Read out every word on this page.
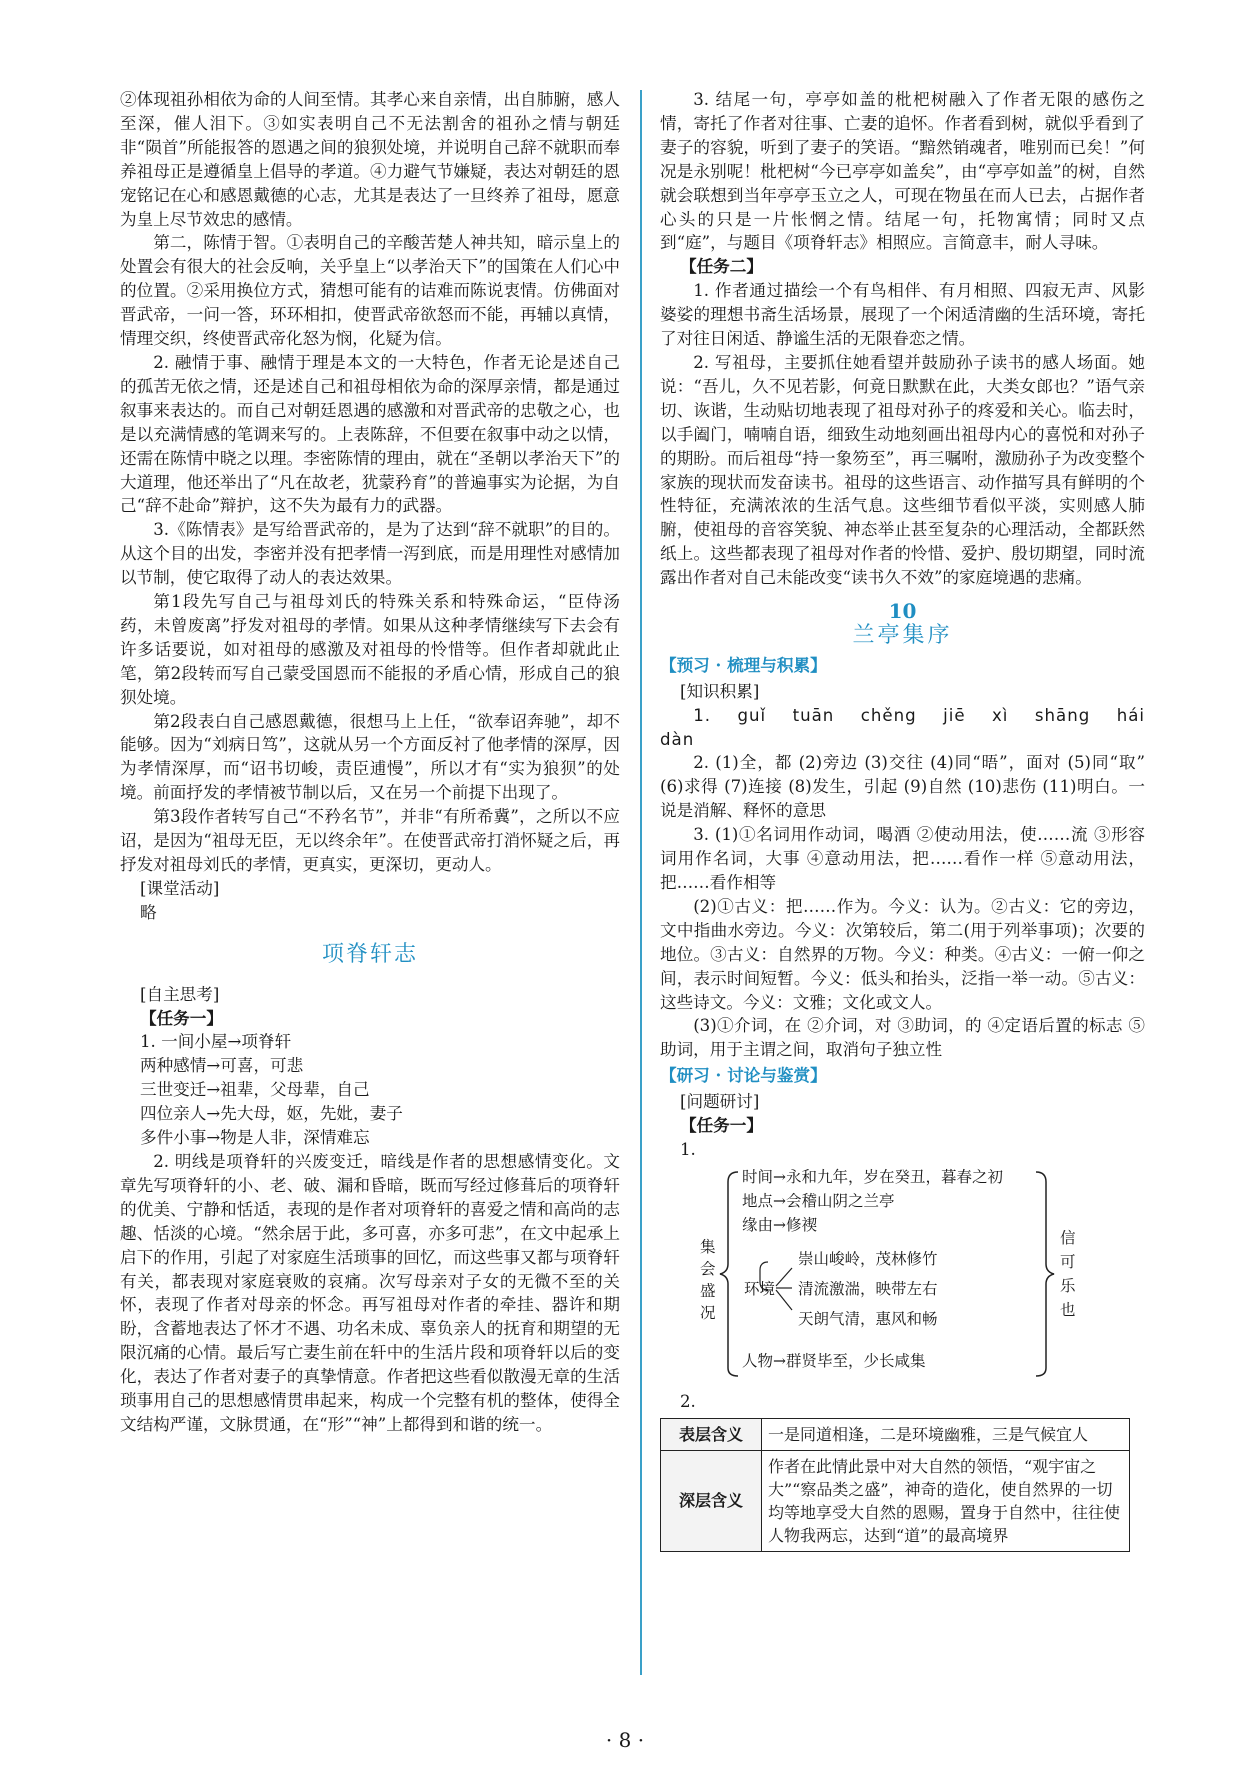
②体现祖孙相依为命的人间至情。其孝心来自亲情，出自肺腑，感人至深，催人泪下。③如实表明自己不无法割舍的祖孙之情与朝廷非“陨首”所能报答的恩遇之间的狼狈处境，并说明自己辞不就职而奉养祖母正是遵循皇上倡导的孝道。④力避气节嫌疑，表达对朝廷的恩宠铭记在心和感恩戴德的心志，尤其是表达了一旦终养了祖母，愿意为皇上尽节效忠的感情。

第二，陈情于智。①表明自己的辛酸苦楚人神共知，暗示皇上的处置会有很大的社会反响，关乎皇上“以孝治天下”的国策在人们心中的位置。②采用换位方式，猜想可能有的诘难而陈说衷情。仿佛面对晋武帝，一问一答，环环相扣，使晋武帝欲怒而不能，再辅以真情，情理交织，终使晋武帝化怒为悯，化疑为信。

2. 融情于事、融情于理是本文的一大特色，作者无论是述自己的孤苦无依之情，还是述自己和祖母相依为命的深厚亲情，都是通过叙事来表达的。而自己对朝廷恩遇的感激和对晋武帝的忠敬之心，也是以充满情感的笔调来写的。上表陈辞，不但要在叙事中动之以情，还需在陈情中晓之以理。李密陈情的理由，就在“圣朝以孝治天下”的大道理，他还举出了“凡在故老，犹蒙矜育”的普遍事实为论据，为自己“辞不赴命”辩护，这不失为最有力的武器。

3.《陈情表》是写给晋武帝的，是为了达到“辞不就职”的目的。从这个目的出发，李密并没有把孝情一泻到底，而是用理性对感情加以节制，使它取得了动人的表达效果。

第1段先写自己与祖母刘氏的特殊关系和特殊命运，“臣侍汤药，未曾废离”抒发对祖母的孝情。如果从这种孝情继续写下去会有许多话要说，如对祖母的感激及对祖母的怜惜等。但作者却就此止笔，第2段转而写自己蒙受国恩而不能报的矛盾心情，形成自己的狼狈处境。

第2段表白自己感恩戴德，很想马上上任，“欲奉诏奔驰”，却不能够。因为“刘病日笃”，这就从另一个方面反衬了他孝情的深厚，因为孝情深厚，而“诏书切峻，责臣逋慢”，所以才有“实为狼狈”的处境。前面抒发的孝情被节制以后，又在另一个前提下出现了。

第3段作者转写自己“不矜名节”，并非“有所希冀”，之所以不应诏，是因为“祖母无臣，无以终余年”。在使晋武帝打消怀疑之后，再抒发对祖母刘氏的孝情，更真实，更深切，更动人。

[课堂活动]

略

项脊轩志

[自主思考]

【任务一】

1. 一间小屋→项脊轩

两种感情→可喜，可悲

三世变迁→祖辈，父母辈，自己

四位亲人→先大母，妪，先妣，妻子

多件小事→物是人非，深情难忘

2. 明线是项脊轩的兴废变迁，暗线是作者的思想感情变化。文章先写项脊轩的小、老、破、漏和昏暗，既而写经过修葺后的项脊轩的优美、宁静和恬适，表现的是作者对项脊轩的喜爱之情和高尚的志趣、恬淡的心境。“然余居于此，多可喜，亦多可悲”，在文中起承上启下的作用，引起了对家庭生活琐事的回忆，而这些事又都与项脊轩有关，都表现对家庭衰败的哀痛。次写母亲对子女的无微不至的关怀，表现了作者对母亲的怀念。再写祖母对作者的牵挂、器许和期盼，含蓄地表达了怀才不遇、功名未成、辜负亲人的抚育和期望的无限沉痛的心情。最后写亡妻生前在轩中的生活片段和项脊轩以后的变化，表达了作者对妻子的真挚情意。作者把这些看似散漫无章的生活琐事用自己的思想感情贯串起来，构成一个完整有机的整体，使得全文结构严谨，文脉贯通，在“形”“神”上都得到和谐的统一。

3. 结尾一句，亭亭如盖的枇杷树融入了作者无限的感伤之情，寄托了作者对往事、亡妻的追怀。作者看到树，就似乎看到了妻子的容貌，听到了妻子的笑语。“黯然销魂者，唯别而已矣！”何况是永别呢！枇杷树“今已亭亭如盖矣”，由“亭亭如盖”的树，自然就会联想到当年亭亭玉立之人，可现在物虽在而人已去，占据作者心头的只是一片怅惘之情。结尾一句，托物寓情；同时又点到“庭”，与题目《项脊轩志》相照应。言简意丰，耐人寻味。

【任务二】

1. 作者通过描绘一个有鸟相伴、有月相照、四寂无声、风影婆娑的理想书斋生活场景，展现了一个闲适清幽的生活环境，寄托了对往日闲适、静谧生活的无限眷恋之情。

2. 写祖母，主要抓住她看望并鼓励孙子读书的感人场面。她说：“吾儿，久不见若影，何竟日默默在此，大类女郎也？”语气亲切、诙谐，生动贴切地表现了祖母对孙子的疼爱和关心。临去时，以手阖门，喃喃自语，细致生动地刻画出祖母内心的喜悦和对孙子的期盼。而后祖母“持一象笏至”，再三嘱咐，激励孙子为改变整个家族的现状而发奋读书。祖母的这些语言、动作描写具有鲜明的个性特征，充满浓浓的生活气息。这些细节看似平淡，实则感人肺腑，使祖母的音容笑貌、神态举止甚至复杂的心理活动，全都跃然纸上。这些都表现了祖母对作者的怜惜、爱护、殷切期望，同时流露出作者对自己未能改变“读书久不效”的家庭境遇的悲痛。

10
兰亭集序

【预习 · 梳理与积累】

[知识积累]

1. guǐ tuān chěng jiē xì shāng hái dàn

2. (1)全，都 (2)旁边 (3)交往 (4)同“晤”，面对 (5)同“取” (6)求得 (7)连接 (8)发生，引起 (9)自然 (10)悲伤 (11)明白。一说是消解、释怀的意思

3. (1)①名词用作动词，喝酒 ②使动用法，使……流 ③形容词用作名词，大事 ④意动用法，把……看作一样 ⑤意动用法，把……看作相等

(2)①古义：把……作为。今义：认为。②古义：它的旁边，文中指曲水旁边。今义：次第较后，第二(用于列举事项)；次要的地位。③古义：自然界的万物。今义：种类。④古义：一俯一仰之间，表示时间短暂。今义：低头和抬头，泛指一举一动。⑤古义：这些诗文。今义：文雅；文化或文人。

(3)①介词，在 ②介词，对 ③助词，的 ④定语后置的标志 ⑤助词，用于主谓之间，取消句子独立性

【研习 · 讨论与鉴赏】

[问题研讨]

【任务一】

1.

集会盛况
信可乐也
时间→永和九年，岁在癸丑，暮春之初
地点→会稽山阴之兰亭
缘由→修禊
环境
崇山峻岭，茂林修竹
清流激湍，映带左右
天朗气清，惠风和畅
人物→群贤毕至，少长咸集

2.

表层含义	一是同道相逢，二是环境幽雅，三是气候宜人
深层含义	作者在此情此景中对大自然的领悟，“观宇宙之大”“察品类之盛”，神奇的造化，使自然界的一切均等地享受大自然的恩赐，置身于自然中，往往使人物我两忘，达到“道”的最高境界
· 8 ·
